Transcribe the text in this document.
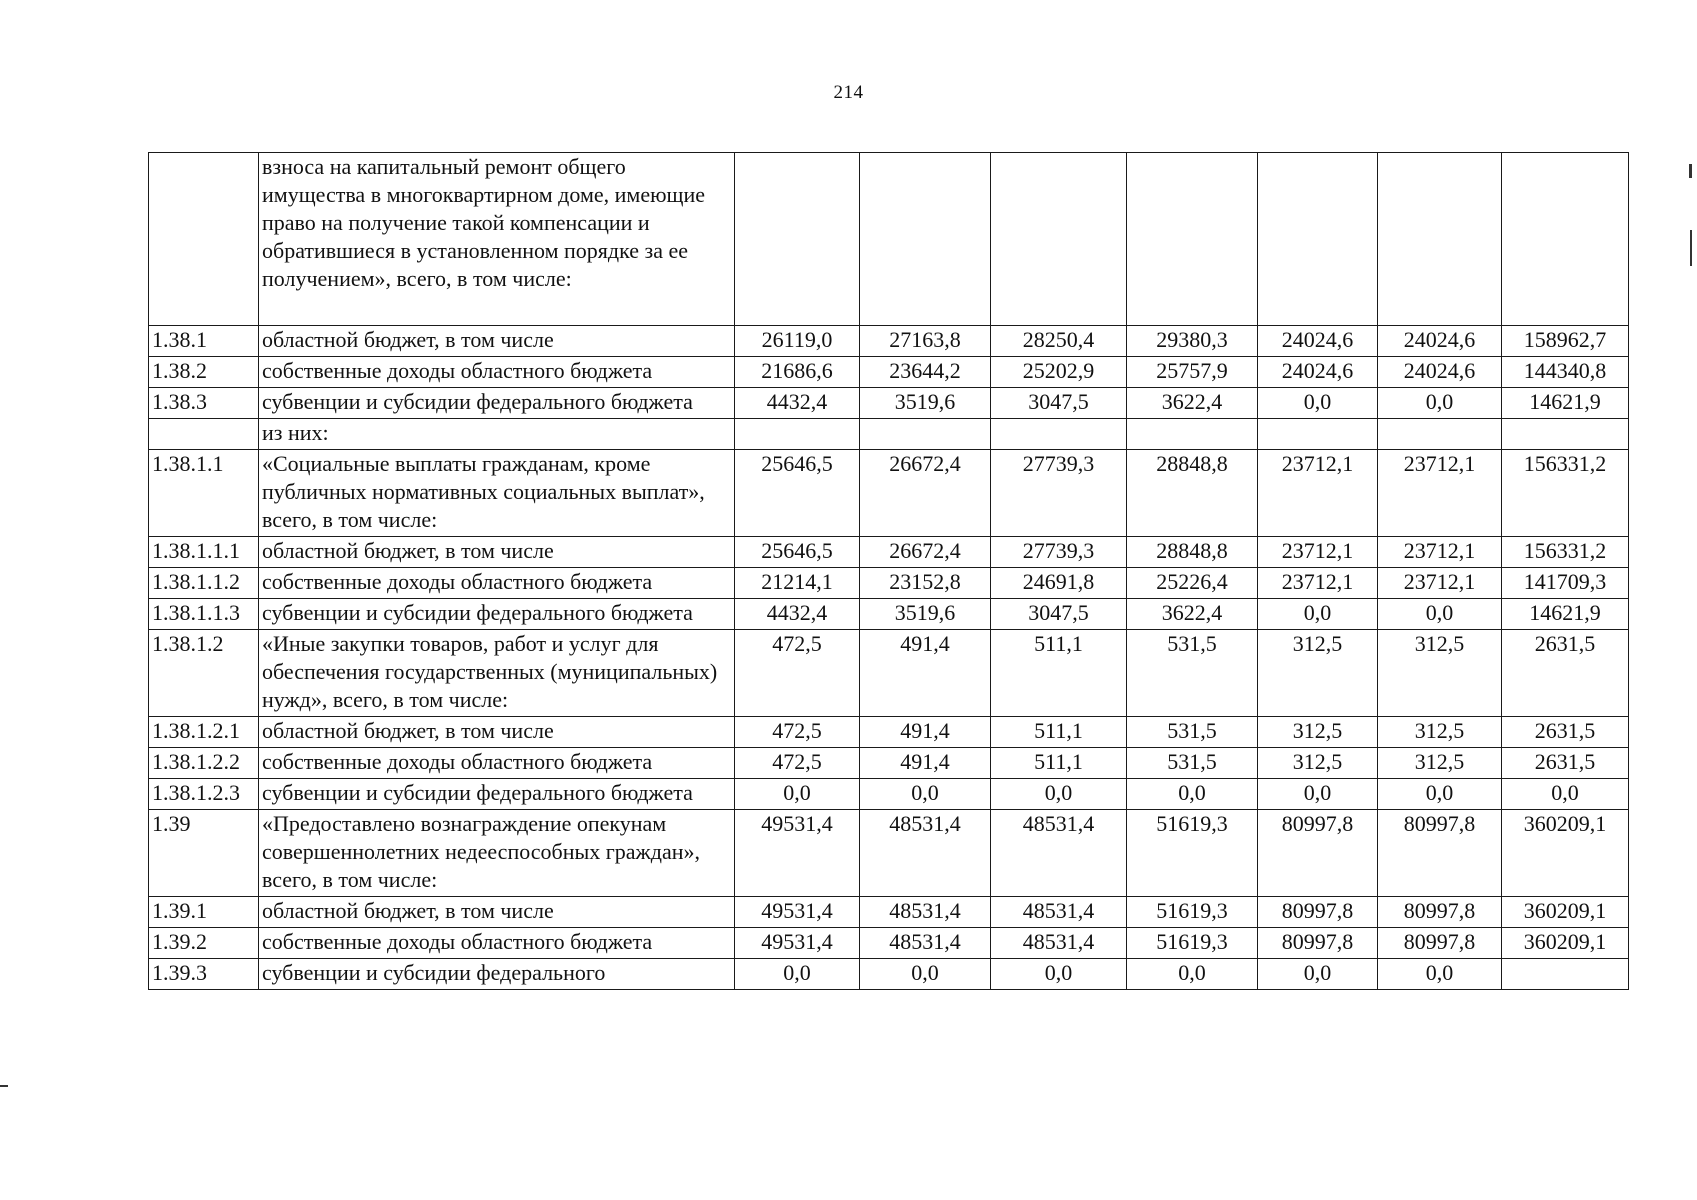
214
	взноса на капитальный ремонт общего имущества в многоквартирном доме, имеющие право на получение такой компенсации и обратившиеся в установленном порядке за ее получением», всего, в том числе:							
1.38.1	областной бюджет, в том числе	26119,0	27163,8	28250,4	29380,3	24024,6	24024,6	158962,7
1.38.2	собственные доходы областного бюджета	21686,6	23644,2	25202,9	25757,9	24024,6	24024,6	144340,8
1.38.3	субвенции и субсидии федерального бюджета	4432,4	3519,6	3047,5	3622,4	0,0	0,0	14621,9
	из них:							
1.38.1.1	«Социальные выплаты гражданам, кроме публичных нормативных социальных выплат», всего, в том числе:	25646,5	26672,4	27739,3	28848,8	23712,1	23712,1	156331,2
1.38.1.1.1	областной бюджет, в том числе	25646,5	26672,4	27739,3	28848,8	23712,1	23712,1	156331,2
1.38.1.1.2	собственные доходы областного бюджета	21214,1	23152,8	24691,8	25226,4	23712,1	23712,1	141709,3
1.38.1.1.3	субвенции и субсидии федерального бюджета	4432,4	3519,6	3047,5	3622,4	0,0	0,0	14621,9
1.38.1.2	«Иные закупки товаров, работ и услуг для обеспечения государственных (муниципальных) нужд», всего, в том числе:	472,5	491,4	511,1	531,5	312,5	312,5	2631,5
1.38.1.2.1	областной бюджет, в том числе	472,5	491,4	511,1	531,5	312,5	312,5	2631,5
1.38.1.2.2	собственные доходы областного бюджета	472,5	491,4	511,1	531,5	312,5	312,5	2631,5
1.38.1.2.3	субвенции и субсидии федерального бюджета	0,0	0,0	0,0	0,0	0,0	0,0	0,0
1.39	«Предоставлено вознаграждение опекунам совершеннолетних недееспособных граждан», всего, в том числе:	49531,4	48531,4	48531,4	51619,3	80997,8	80997,8	360209,1
1.39.1	областной бюджет, в том числе	49531,4	48531,4	48531,4	51619,3	80997,8	80997,8	360209,1
1.39.2	собственные доходы областного бюджета	49531,4	48531,4	48531,4	51619,3	80997,8	80997,8	360209,1
1.39.3	субвенции и субсидии федерального	0,0	0,0	0,0	0,0	0,0	0,0	
